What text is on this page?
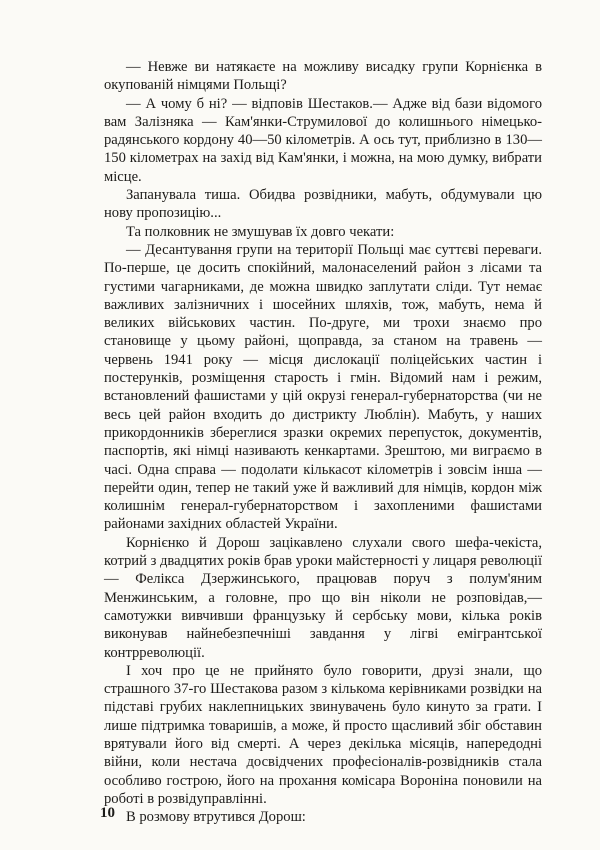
— Невже ви натякаєте на можливу висадку групи Корнієнка в окупованій німцями Польщі?

— А чому б ні? — відповів Шестаков.— Адже від бази відомого вам Залізняка — Кам'янки-Струмилової до колишнього німецько-радянського кордону 40—50 кілометрів. А ось тут, приблизно в 130—150 кілометрах на захід від Кам'янки, і можна, на мою думку, вибрати місце.

Запанувала тиша. Обидва розвідники, мабуть, обдумували цю нову пропозицію...

Та полковник не змушував їх довго чекати:

— Десантування групи на території Польщі має суттєві переваги. По-перше, це досить спокійний, малонаселений район з лісами та густими чагарниками, де можна швидко заплутати сліди. Тут немає важливих залізничних і шосейних шляхів, тож, мабуть, нема й великих військових частин. По-друге, ми трохи знаємо про становище у цьому районі, щоправда, за станом на травень — червень 1941 року — місця дислокації поліцейських частин і постерунків, розміщення старость і гмін. Відомий нам і режим, встановлений фашистами у цій окрузі генерал-губернаторства (чи не весь цей район входить до дистрикту Люблін). Мабуть, у наших прикордонників збереглися зразки окремих перепусток, документів, паспортів, які німці називають кенкартами. Зрештою, ми виграємо в часі. Одна справа — подолати кількасот кілометрів і зовсім інша — перейти один, тепер не такий уже й важливий для німців, кордон між колишнім генерал-губернаторством і захопленими фашистами районами західних областей України.

Корнієнко й Дорош зацікавлено слухали свого шефа-чекіста, котрий з двадцятих років брав уроки майстерності у лицаря революції — Фелікса Дзержинського, працював поруч з полум'яним Менжинським, а головне, про що він ніколи не розповідав,— самотужки вивчивши французьку й сербську мови, кілька років виконував найнебезпечніші завдання у лігві емігрантської контрреволюції.

І хоч про це не прийнято було говорити, друзі знали, що страшного 37-го Шестакова разом з кількома керівниками розвідки на підставі грубих наклепницьких звинувачень було кинуто за грати. І лише підтримка товаришів, а може, й просто щасливий збіг обставин врятували його від смерті. А через декілька місяців, напередодні війни, коли нестача досвідчених професіоналів-розвідників стала особливо гострою, його на прохання комісара Вороніна поновили на роботі в розвідуправлінні.

В розмову втрутився Дорош:

10
